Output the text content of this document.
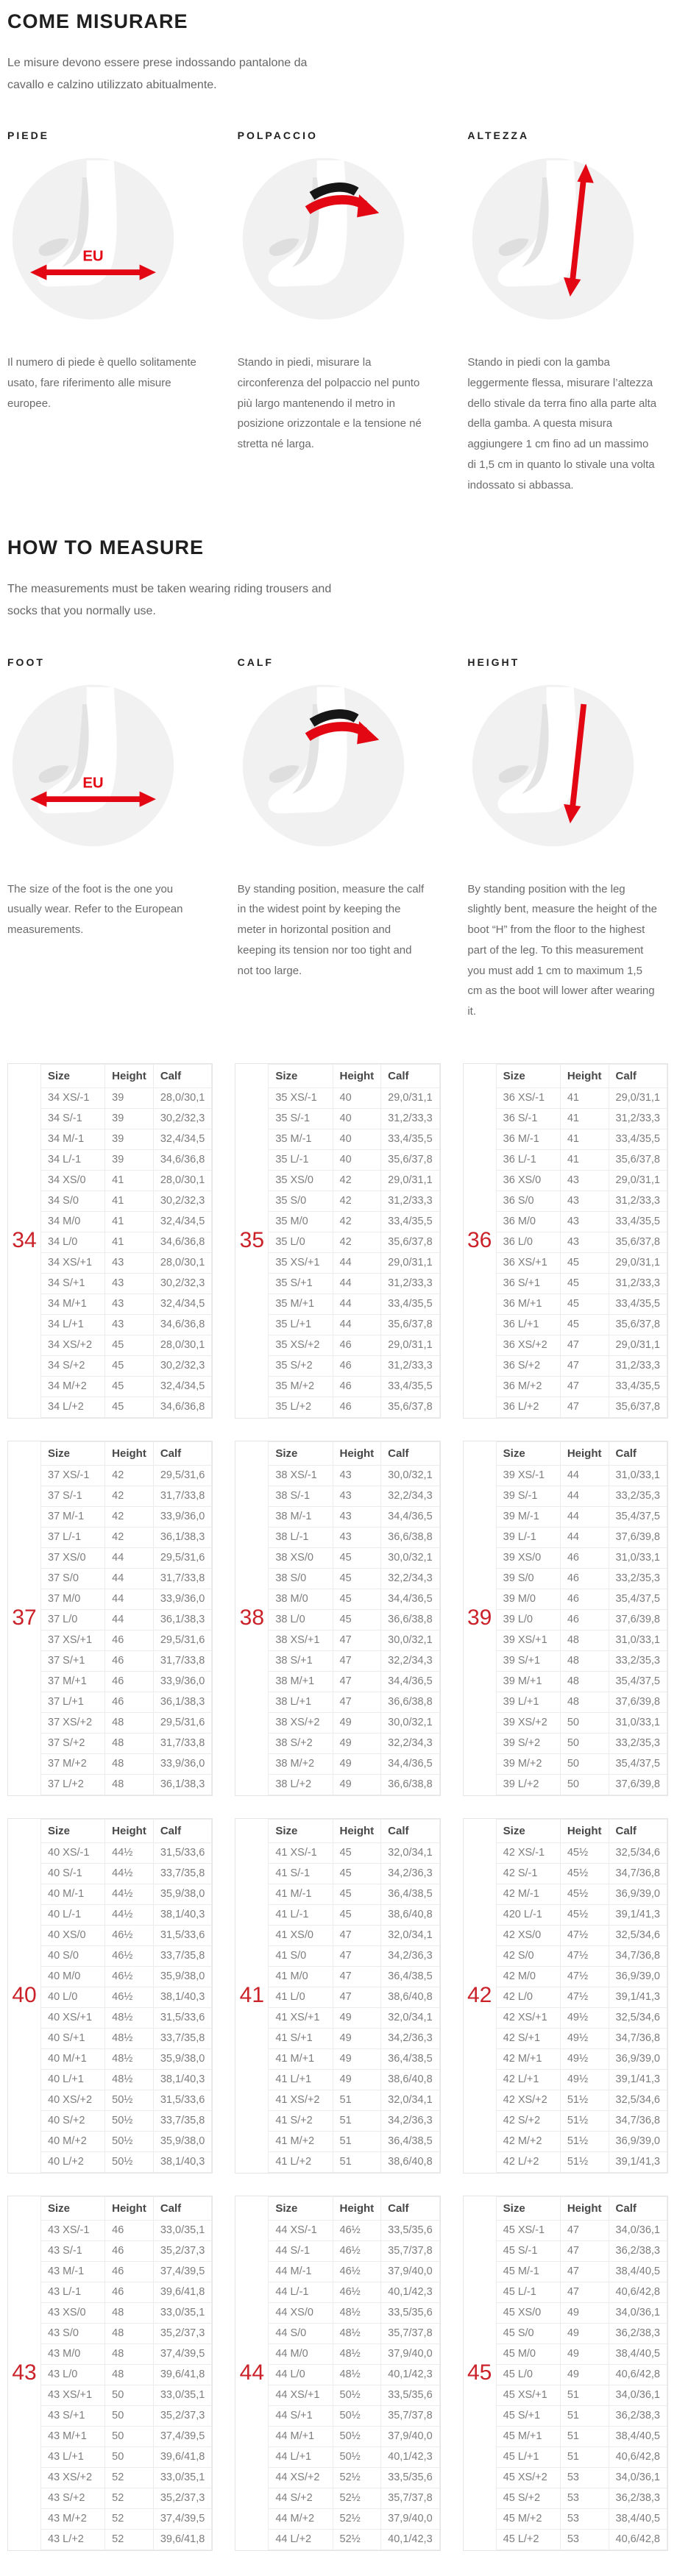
COME MISURARE

Le misure devono essere prese indossando pantalone da cavallo e calzino utilizzato abitualmente.

PIEDE
EU

Il numero di piede è quello solitamente usato, fare riferimento alle misure europee.

POLPACCIO

Stando in piedi, misurare la circonferenza del polpaccio nel punto più largo mantenendo il metro in posizione orizzontale e la tensione né stretta né larga.

ALTEZZA

Stando in piedi con la gamba leggermente flessa, misurare l’altezza dello stivale da terra fino alla parte alta della gamba. A questa misura aggiungere 1 cm fino ad un massimo di 1,5 cm in quanto lo stivale una volta indossato si abbassa.

HOW TO MEASURE

The measurements must be taken wearing riding trousers and socks that you normally use.

FOOT
EU

The size of the foot is the one you usually wear. Refer to the European measurements.

CALF

By standing position, measure the calf in the widest point by keeping the meter in horizontal position and keeping its tension nor too tight and not too large.

HEIGHT

By standing position with the leg slightly bent, measure the height of the boot “H” from the floor to the highest part of the leg. To this measurement you must add 1 cm to maximum 1,5 cm as the boot will lower after wearing it.

34
Size	Height	Calf
34 XS/-1	39	28,0/30,1
34 S/-1	39	30,2/32,3
34 M/-1	39	32,4/34,5
34 L/-1	39	34,6/36,8
34 XS/0	41	28,0/30,1
34 S/0	41	30,2/32,3
34 M/0	41	32,4/34,5
34 L/0	41	34,6/36,8
34 XS/+1	43	28,0/30,1
34 S/+1	43	30,2/32,3
34 M/+1	43	32,4/34,5
34 L/+1	43	34,6/36,8
34 XS/+2	45	28,0/30,1
34 S/+2	45	30,2/32,3
34 M/+2	45	32,4/34,5
34 L/+2	45	34,6/36,8
35
Size	Height	Calf
35 XS/-1	40	29,0/31,1
35 S/-1	40	31,2/33,3
35 M/-1	40	33,4/35,5
35 L/-1	40	35,6/37,8
35 XS/0	42	29,0/31,1
35 S/0	42	31,2/33,3
35 M/0	42	33,4/35,5
35 L/0	42	35,6/37,8
35 XS/+1	44	29,0/31,1
35 S/+1	44	31,2/33,3
35 M/+1	44	33,4/35,5
35 L/+1	44	35,6/37,8
35 XS/+2	46	29,0/31,1
35 S/+2	46	31,2/33,3
35 M/+2	46	33,4/35,5
35 L/+2	46	35,6/37,8
36
Size	Height	Calf
36 XS/-1	41	29,0/31,1
36 S/-1	41	31,2/33,3
36 M/-1	41	33,4/35,5
36 L/-1	41	35,6/37,8
36 XS/0	43	29,0/31,1
36 S/0	43	31,2/33,3
36 M/0	43	33,4/35,5
36 L/0	43	35,6/37,8
36 XS/+1	45	29,0/31,1
36 S/+1	45	31,2/33,3
36 M/+1	45	33,4/35,5
36 L/+1	45	35,6/37,8
36 XS/+2	47	29,0/31,1
36 S/+2	47	31,2/33,3
36 M/+2	47	33,4/35,5
36 L/+2	47	35,6/37,8
37
Size	Height	Calf
37 XS/-1	42	29,5/31,6
37 S/-1	42	31,7/33,8
37 M/-1	42	33,9/36,0
37 L/-1	42	36,1/38,3
37 XS/0	44	29,5/31,6
37 S/0	44	31,7/33,8
37 M/0	44	33,9/36,0
37 L/0	44	36,1/38,3
37 XS/+1	46	29,5/31,6
37 S/+1	46	31,7/33,8
37 M/+1	46	33,9/36,0
37 L/+1	46	36,1/38,3
37 XS/+2	48	29,5/31,6
37 S/+2	48	31,7/33,8
37 M/+2	48	33,9/36,0
37 L/+2	48	36,1/38,3
38
Size	Height	Calf
38 XS/-1	43	30,0/32,1
38 S/-1	43	32,2/34,3
38 M/-1	43	34,4/36,5
38 L/-1	43	36,6/38,8
38 XS/0	45	30,0/32,1
38 S/0	45	32,2/34,3
38 M/0	45	34,4/36,5
38 L/0	45	36,6/38,8
38 XS/+1	47	30,0/32,1
38 S/+1	47	32,2/34,3
38 M/+1	47	34,4/36,5
38 L/+1	47	36,6/38,8
38 XS/+2	49	30,0/32,1
38 S/+2	49	32,2/34,3
38 M/+2	49	34,4/36,5
38 L/+2	49	36,6/38,8
39
Size	Height	Calf
39 XS/-1	44	31,0/33,1
39 S/-1	44	33,2/35,3
39 M/-1	44	35,4/37,5
39 L/-1	44	37,6/39,8
39 XS/0	46	31,0/33,1
39 S/0	46	33,2/35,3
39 M/0	46	35,4/37,5
39 L/0	46	37,6/39,8
39 XS/+1	48	31,0/33,1
39 S/+1	48	33,2/35,3
39 M/+1	48	35,4/37,5
39 L/+1	48	37,6/39,8
39 XS/+2	50	31,0/33,1
39 S/+2	50	33,2/35,3
39 M/+2	50	35,4/37,5
39 L/+2	50	37,6/39,8
40
Size	Height	Calf
40 XS/-1	44½	31,5/33,6
40 S/-1	44½	33,7/35,8
40 M/-1	44½	35,9/38,0
40 L/-1	44½	38,1/40,3
40 XS/0	46½	31,5/33,6
40 S/0	46½	33,7/35,8
40 M/0	46½	35,9/38,0
40 L/0	46½	38,1/40,3
40 XS/+1	48½	31,5/33,6
40 S/+1	48½	33,7/35,8
40 M/+1	48½	35,9/38,0
40 L/+1	48½	38,1/40,3
40 XS/+2	50½	31,5/33,6
40 S/+2	50½	33,7/35,8
40 M/+2	50½	35,9/38,0
40 L/+2	50½	38,1/40,3
41
Size	Height	Calf
41 XS/-1	45	32,0/34,1
41 S/-1	45	34,2/36,3
41 M/-1	45	36,4/38,5
41 L/-1	45	38,6/40,8
41 XS/0	47	32,0/34,1
41 S/0	47	34,2/36,3
41 M/0	47	36,4/38,5
41 L/0	47	38,6/40,8
41 XS/+1	49	32,0/34,1
41 S/+1	49	34,2/36,3
41 M/+1	49	36,4/38,5
41 L/+1	49	38,6/40,8
41 XS/+2	51	32,0/34,1
41 S/+2	51	34,2/36,3
41 M/+2	51	36,4/38,5
41 L/+2	51	38,6/40,8
42
Size	Height	Calf
42 XS/-1	45½	32,5/34,6
42 S/-1	45½	34,7/36,8
42 M/-1	45½	36,9/39,0
420 L/-1	45½	39,1/41,3
42 XS/0	47½	32,5/34,6
42 S/0	47½	34,7/36,8
42 M/0	47½	36,9/39,0
42 L/0	47½	39,1/41,3
42 XS/+1	49½	32,5/34,6
42 S/+1	49½	34,7/36,8
42 M/+1	49½	36,9/39,0
42 L/+1	49½	39,1/41,3
42 XS/+2	51½	32,5/34,6
42 S/+2	51½	34,7/36,8
42 M/+2	51½	36,9/39,0
42 L/+2	51½	39,1/41,3
43
Size	Height	Calf
43 XS/-1	46	33,0/35,1
43 S/-1	46	35,2/37,3
43 M/-1	46	37,4/39,5
43 L/-1	46	39,6/41,8
43 XS/0	48	33,0/35,1
43 S/0	48	35,2/37,3
43 M/0	48	37,4/39,5
43 L/0	48	39,6/41,8
43 XS/+1	50	33,0/35,1
43 S/+1	50	35,2/37,3
43 M/+1	50	37,4/39,5
43 L/+1	50	39,6/41,8
43 XS/+2	52	33,0/35,1
43 S/+2	52	35,2/37,3
43 M/+2	52	37,4/39,5
43 L/+2	52	39,6/41,8
44
Size	Height	Calf
44 XS/-1	46½	33,5/35,6
44 S/-1	46½	35,7/37,8
44 M/-1	46½	37,9/40,0
44 L/-1	46½	40,1/42,3
44 XS/0	48½	33,5/35,6
44 S/0	48½	35,7/37,8
44 M/0	48½	37,9/40,0
44 L/0	48½	40,1/42,3
44 XS/+1	50½	33,5/35,6
44 S/+1	50½	35,7/37,8
44 M/+1	50½	37,9/40,0
44 L/+1	50½	40,1/42,3
44 XS/+2	52½	33,5/35,6
44 S/+2	52½	35,7/37,8
44 M/+2	52½	37,9/40,0
44 L/+2	52½	40,1/42,3
45
Size	Height	Calf
45 XS/-1	47	34,0/36,1
45 S/-1	47	36,2/38,3
45 M/-1	47	38,4/40,5
45 L/-1	47	40,6/42,8
45 XS/0	49	34,0/36,1
45 S/0	49	36,2/38,3
45 M/0	49	38,4/40,5
45 L/0	49	40,6/42,8
45 XS/+1	51	34,0/36,1
45 S/+1	51	36,2/38,3
45 M/+1	51	38,4/40,5
45 L/+1	51	40,6/42,8
45 XS/+2	53	34,0/36,1
45 S/+2	53	36,2/38,3
45 M/+2	53	38,4/40,5
45 L/+2	53	40,6/42,8
